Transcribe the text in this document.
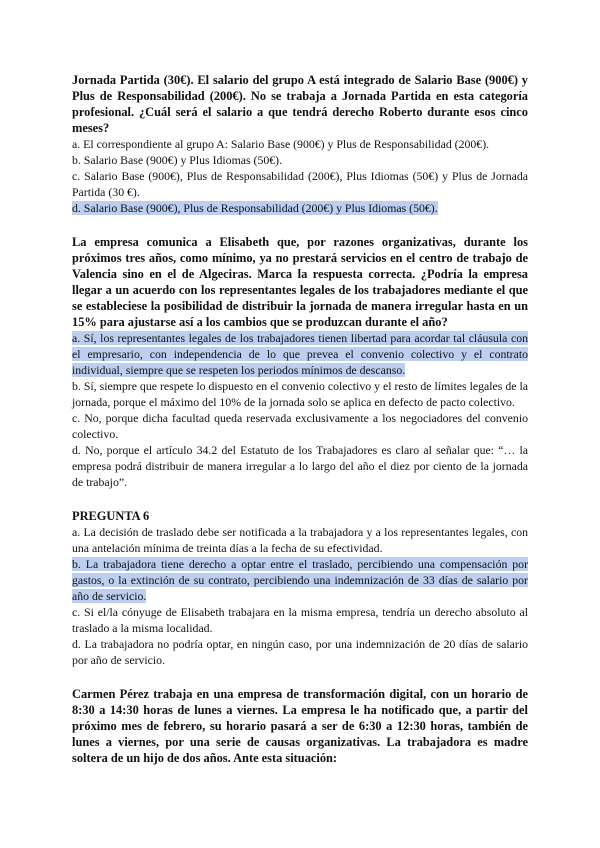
Jornada Partida (30€). El salario del grupo A está integrado de Salario Base (900€) y Plus de Responsabilidad (200€). No se trabaja a Jornada Partida en esta categoría profesional. ¿Cuál será el salario a que tendrá derecho Roberto durante esos cinco meses?
a. El correspondiente al grupo A: Salario Base (900€) y Plus de Responsabilidad (200€).
b. Salario Base (900€) y Plus Idiomas (50€).
c. Salario Base (900€), Plus de Responsabilidad (200€), Plus Idiomas (50€) y Plus de Jornada Partida (30 €).
d. Salario Base (900€), Plus de Responsabilidad (200€) y Plus Idiomas (50€).
La empresa comunica a Elisabeth que, por razones organizativas, durante los próximos tres años, como mínimo, ya no prestará servicios en el centro de trabajo de Valencia sino en el de Algeciras. Marca la respuesta correcta. ¿Podría la empresa llegar a un acuerdo con los representantes legales de los trabajadores mediante el que se estableciese la posibilidad de distribuir la jornada de manera irregular hasta en un 15% para ajustarse así a los cambios que se produzcan durante el año?
a. Sí, los representantes legales de los trabajadores tienen libertad para acordar tal cláusula con el empresario, con independencia de lo que prevea el convenio colectivo y el contrato individual, siempre que se respeten los periodos mínimos de descanso.
b. Sí, siempre que respete lo dispuesto en el convenio colectivo y el resto de límites legales de la jornada, porque el máximo del 10% de la jornada solo se aplica en defecto de pacto colectivo.
c. No, porque dicha facultad queda reservada exclusivamente a los negociadores del convenio colectivo.
d. No, porque el artículo 34.2 del Estatuto de los Trabajadores es claro al señalar que: “… la empresa podrá distribuir de manera irregular a lo largo del año el diez por ciento de la jornada de trabajo”.
PREGUNTA 6
a. La decisión de traslado debe ser notificada a la trabajadora y a los representantes legales, con una antelación mínima de treinta días a la fecha de su efectividad.
b. La trabajadora tiene derecho a optar entre el traslado, percibiendo una compensación por gastos, o la extinción de su contrato, percibiendo una indemnización de 33 días de salario por año de servicio.
c. Si el/la cónyuge de Elisabeth trabajara en la misma empresa, tendría un derecho absoluto al traslado a la misma localidad.
d. La trabajadora no podría optar, en ningún caso, por una indemnización de 20 días de salario por año de servicio.
Carmen Pérez trabaja en una empresa de transformación digital, con un horario de 8:30 a 14:30 horas de lunes a viernes. La empresa le ha notificado que, a partir del próximo mes de febrero, su horario pasará a ser de 6:30 a 12:30 horas, también de lunes a viernes, por una serie de causas organizativas. La trabajadora es madre soltera de un hijo de dos años. Ante esta situación:
